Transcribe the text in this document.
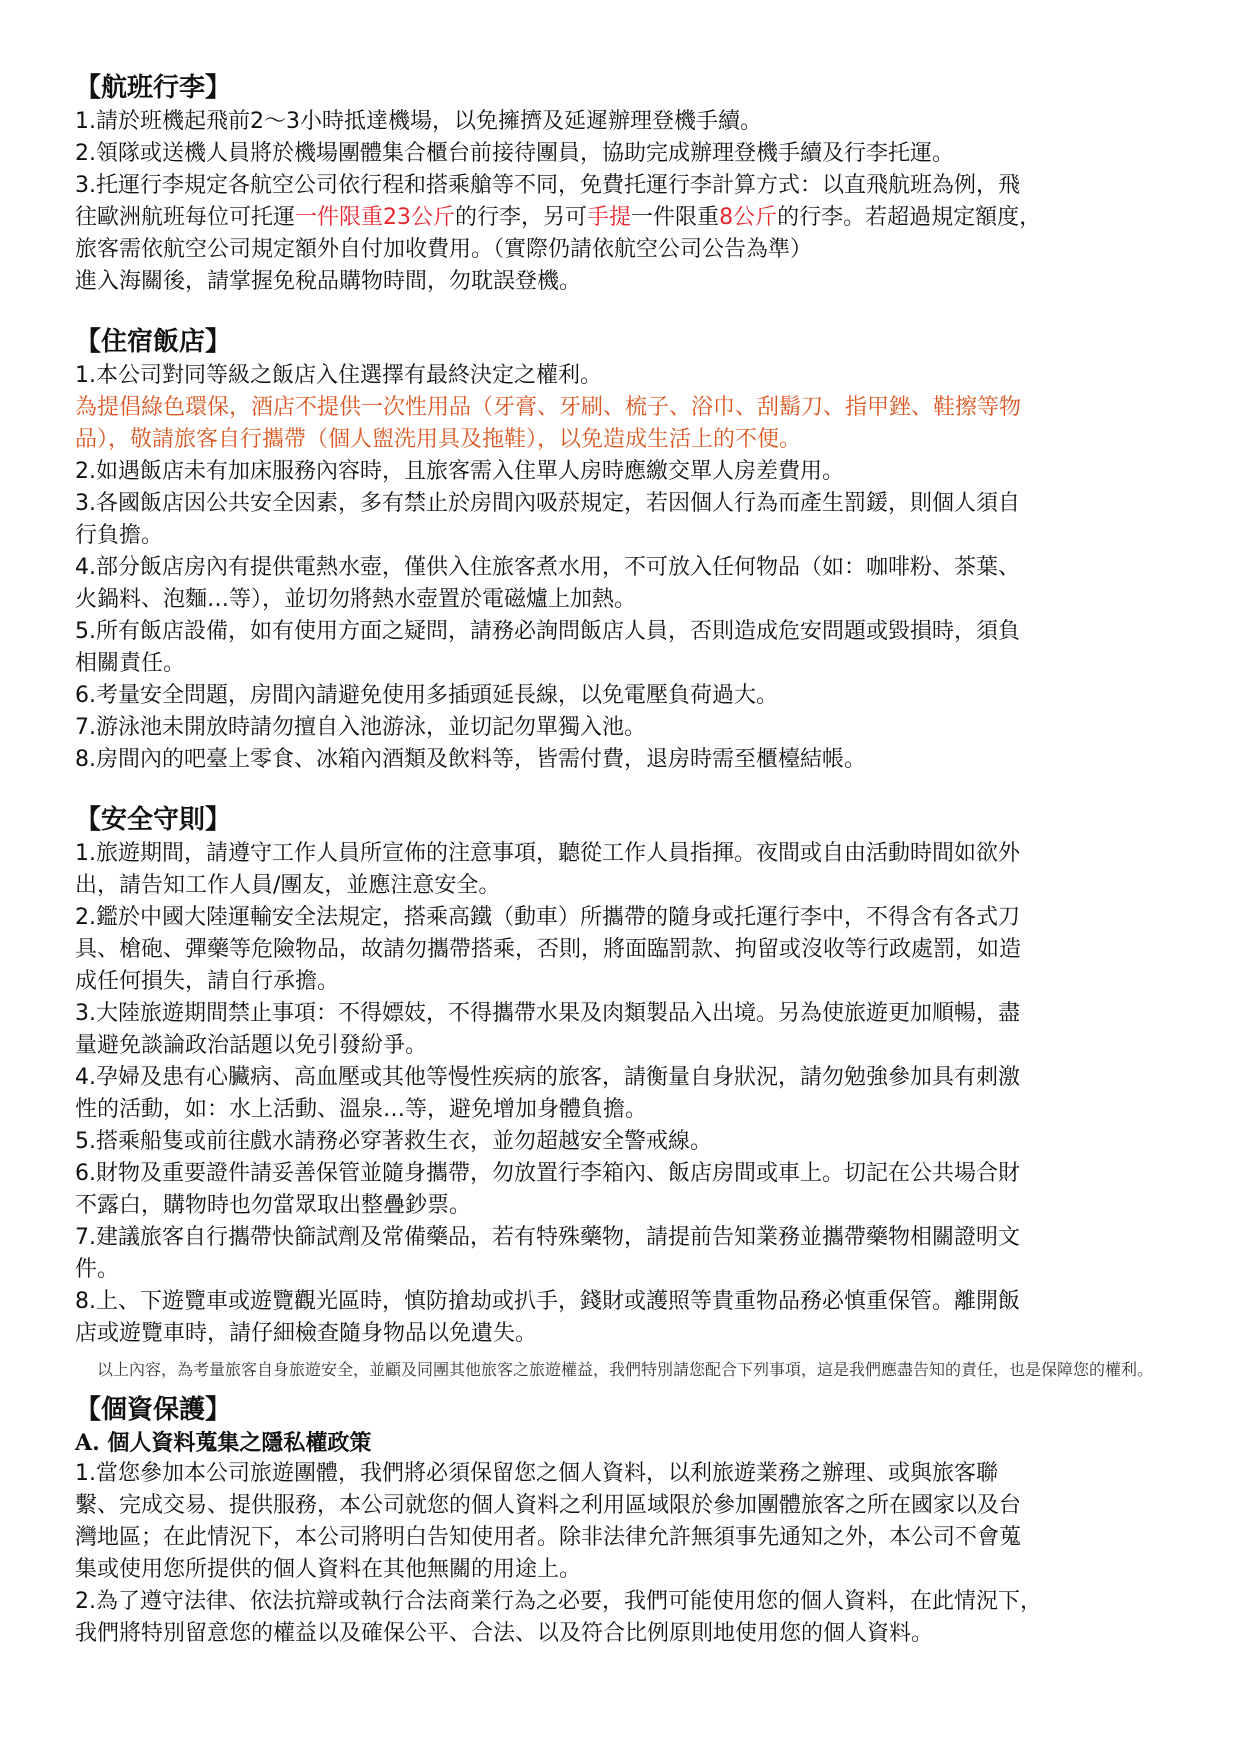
【航班行李】

1.請於班機起飛前2～3小時抵達機場，以免擁擠及延遲辦理登機手續。

2.領隊或送機人員將於機場團體集合櫃台前接待團員，協助完成辦理登機手續及行李托運。

3.托運行李規定各航空公司依行程和搭乘艙等不同，免費托運行李計算方式：以直飛航班為例，飛

往歐洲航班每位可托運一件限重23公斤的行李，另可手提一件限重8公斤的行李。若超過規定額度，

旅客需依航空公司規定額外自付加收費用。（實際仍請依航空公司公告為準）

進入海關後，請掌握免稅品購物時間，勿耽誤登機。

【住宿飯店】

1.本公司對同等級之飯店入住選擇有最終決定之權利。

為提倡綠色環保，酒店不提供一次性用品（牙膏、牙刷、梳子、浴巾、刮鬍刀、指甲銼、鞋擦等物

品），敬請旅客自行攜帶（個人盥洗用具及拖鞋），以免造成生活上的不便。

2.如遇飯店未有加床服務內容時，且旅客需入住單人房時應繳交單人房差費用。

3.各國飯店因公共安全因素，多有禁止於房間內吸菸規定，若因個人行為而產生罰鍰，則個人須自

行負擔。

4.部分飯店房內有提供電熱水壺，僅供入住旅客煮水用，不可放入任何物品（如：咖啡粉、茶葉、

火鍋料、泡麵…等），並切勿將熱水壺置於電磁爐上加熱。

5.所有飯店設備，如有使用方面之疑問，請務必詢問飯店人員，否則造成危安問題或毀損時，須負

相關責任。

6.考量安全問題，房間內請避免使用多插頭延長線，以免電壓負荷過大。

7.游泳池未開放時請勿擅自入池游泳，並切記勿單獨入池。

8.房間內的吧臺上零食、冰箱內酒類及飲料等，皆需付費，退房時需至櫃檯結帳。

【安全守則】

1.旅遊期間，請遵守工作人員所宣佈的注意事項，聽從工作人員指揮。夜間或自由活動時間如欲外

出，請告知工作人員/團友，並應注意安全。

2.鑑於中國大陸運輸安全法規定，搭乘高鐵（動車）所攜帶的隨身或托運行李中，不得含有各式刀

具、槍砲、彈藥等危險物品，故請勿攜帶搭乘，否則，將面臨罰款、拘留或沒收等行政處罰，如造

成任何損失，請自行承擔。

3.大陸旅遊期間禁止事項：不得嫖妓，不得攜帶水果及肉類製品入出境。另為使旅遊更加順暢，盡

量避免談論政治話題以免引發紛爭。

4.孕婦及患有心臟病、高血壓或其他等慢性疾病的旅客，請衡量自身狀況，請勿勉強參加具有刺激

性的活動，如：水上活動、溫泉…等，避免增加身體負擔。

5.搭乘船隻或前往戲水請務必穿著救生衣，並勿超越安全警戒線。

6.財物及重要證件請妥善保管並隨身攜帶，勿放置行李箱內、飯店房間或車上。切記在公共場合財

不露白，購物時也勿當眾取出整疊鈔票。

7.建議旅客自行攜帶快篩試劑及常備藥品，若有特殊藥物，請提前告知業務並攜帶藥物相關證明文

件。

8.上、下遊覽車或遊覽觀光區時，慎防搶劫或扒手，錢財或護照等貴重物品務必慎重保管。離開飯

店或遊覽車時，請仔細檢查隨身物品以免遺失。

以上內容，為考量旅客自身旅遊安全，並顧及同團其他旅客之旅遊權益，我們特別請您配合下列事項，這是我們應盡告知的責任，也是保障您的權利。

【個資保護】

A. 個人資料蒐集之隱私權政策

1.當您參加本公司旅遊團體，我們將必須保留您之個人資料，以利旅遊業務之辦理、或與旅客聯

繫、完成交易、提供服務，本公司就您的個人資料之利用區域限於參加團體旅客之所在國家以及台

灣地區；在此情況下，本公司將明白告知使用者。除非法律允許無須事先通知之外，本公司不會蒐

集或使用您所提供的個人資料在其他無關的用途上。

2.為了遵守法律、依法抗辯或執行合法商業行為之必要，我們可能使用您的個人資料，在此情況下，

我們將特別留意您的權益以及確保公平、合法、以及符合比例原則地使用您的個人資料。
